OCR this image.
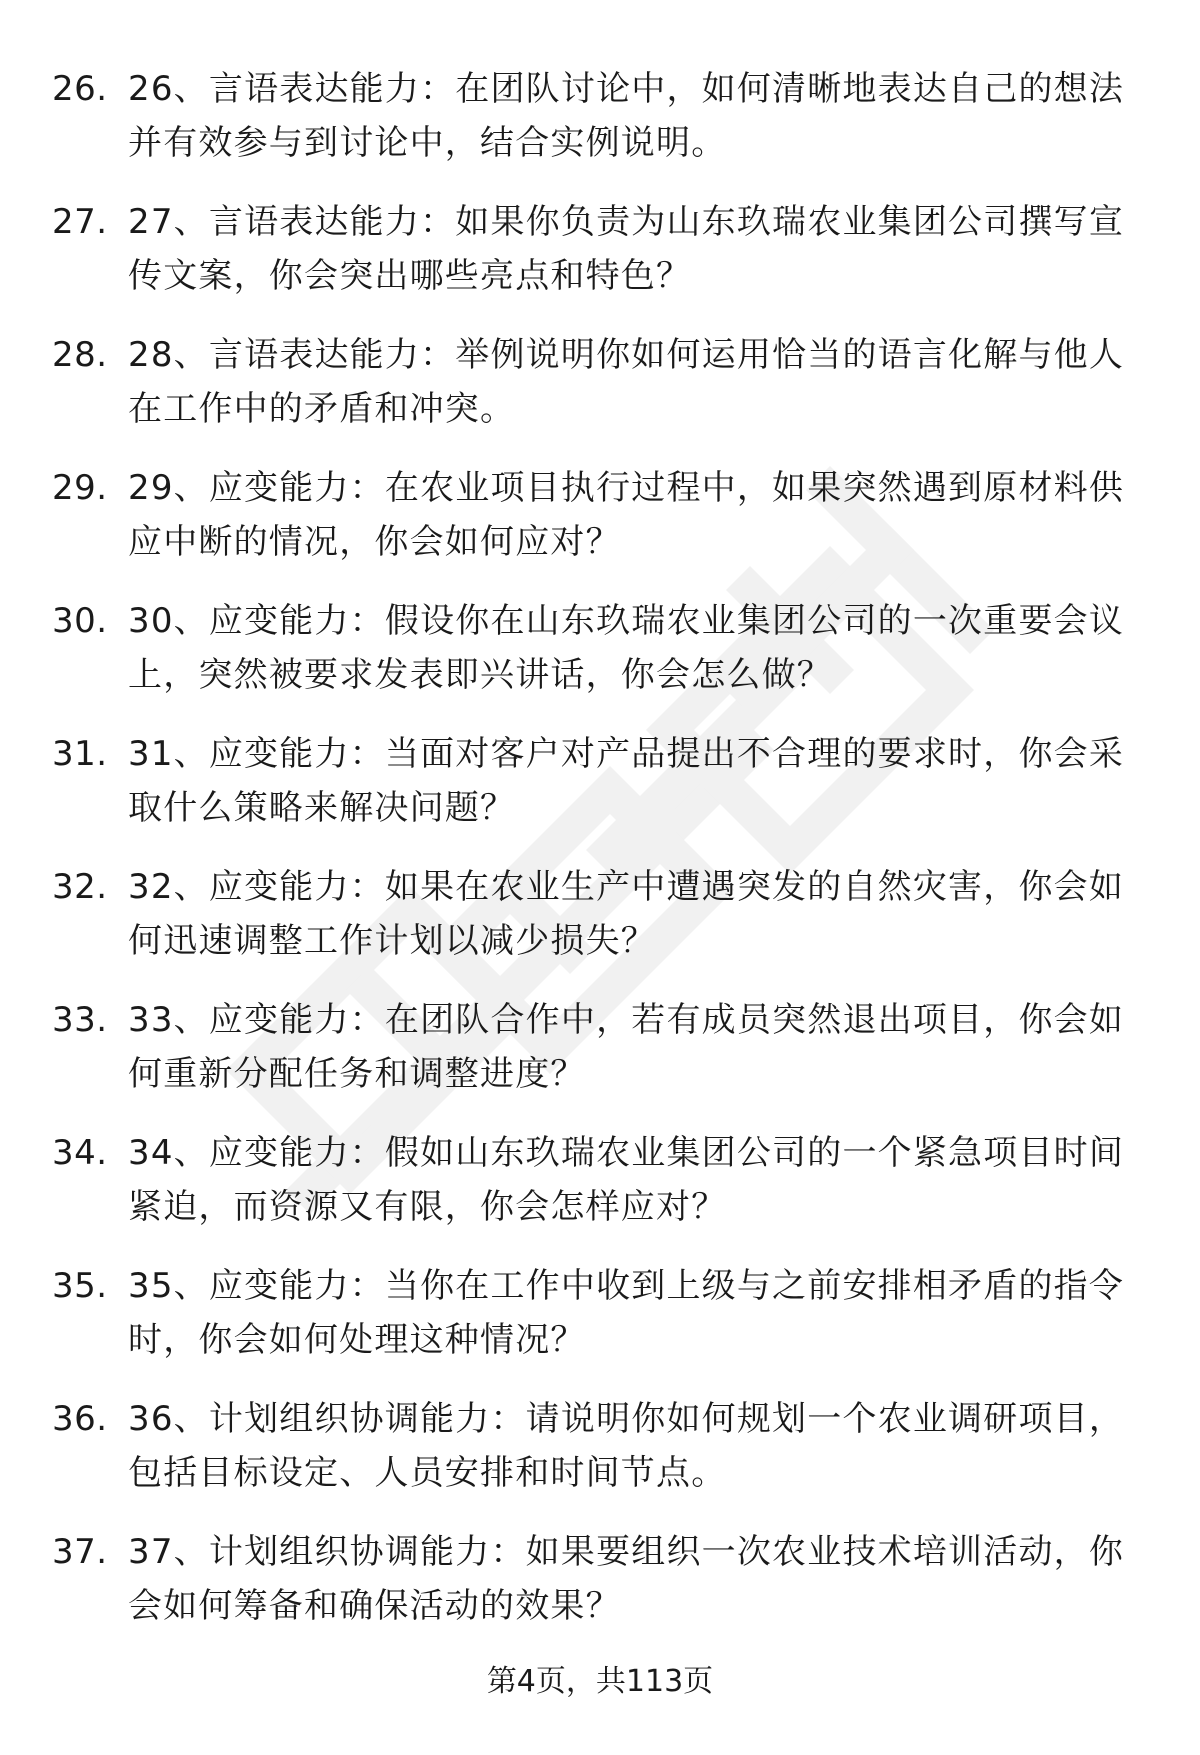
26. 26、言语表达能力：在团队讨论中，如何清晰地表达自己的想法并有效参与到讨论中，结合实例说明。
27. 27、言语表达能力：如果你负责为山东玖瑞农业集团公司撰写宣传文案，你会突出哪些亮点和特色？
28. 28、言语表达能力：举例说明你如何运用恰当的语言化解与他人在工作中的矛盾和冲突。
29. 29、应变能力：在农业项目执行过程中，如果突然遇到原材料供应中断的情况，你会如何应对？
30. 30、应变能力：假设你在山东玖瑞农业集团公司的一次重要会议上，突然被要求发表即兴讲话，你会怎么做？
31. 31、应变能力：当面对客户对产品提出不合理的要求时，你会采取什么策略来解决问题？
32. 32、应变能力：如果在农业生产中遭遇突发的自然灾害，你会如何迅速调整工作计划以减少损失？
33. 33、应变能力：在团队合作中，若有成员突然退出项目，你会如何重新分配任务和调整进度？
34. 34、应变能力：假如山东玖瑞农业集团公司的一个紧急项目时间紧迫，而资源又有限，你会怎样应对？
35. 35、应变能力：当你在工作中收到上级与之前安排相矛盾的指令时，你会如何处理这种情况？
36. 36、计划组织协调能力：请说明你如何规划一个农业调研项目，包括目标设定、人员安排和时间节点。
37. 37、计划组织协调能力：如果要组织一次农业技术培训活动，你会如何筹备和确保活动的效果？
第4页，共113页
